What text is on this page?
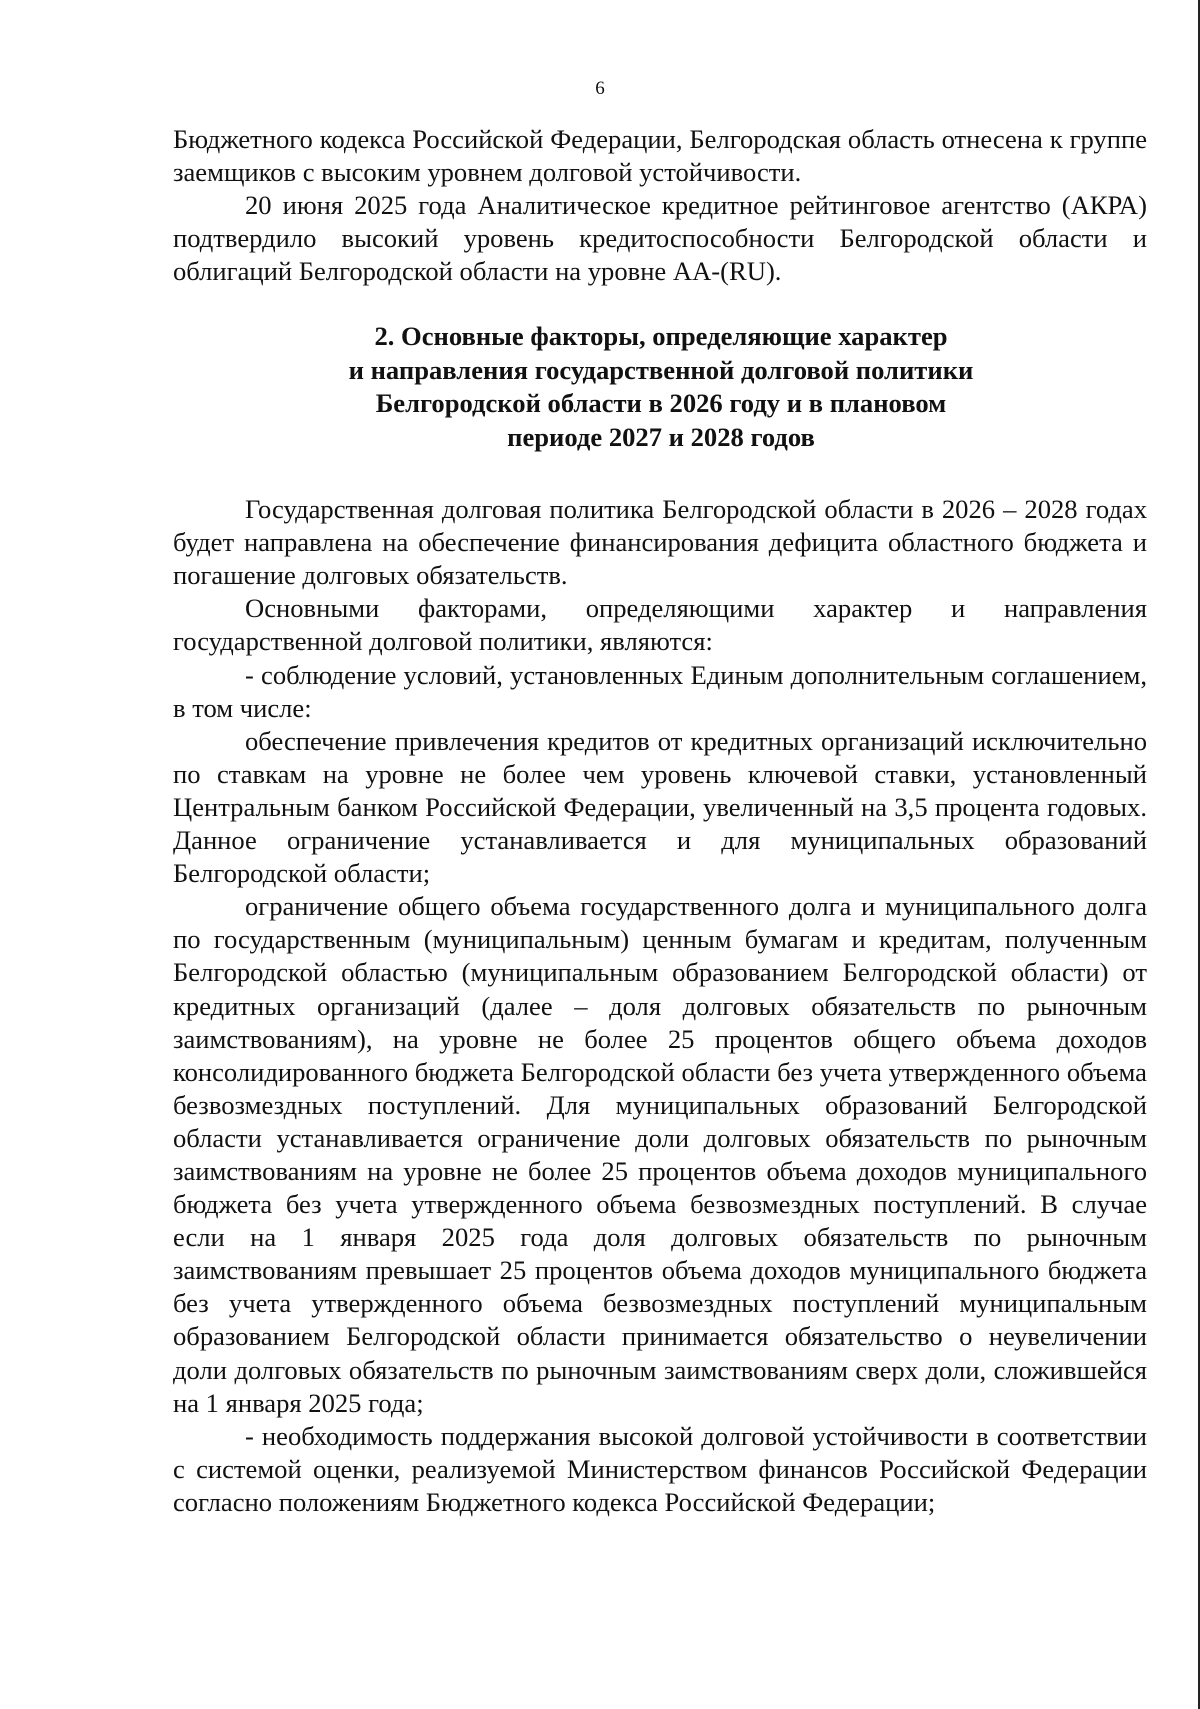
6

Бюджетного кодекса Российской Федерации, Белгородская область отнесена к группе заемщиков с высоким уровнем долговой устойчивости.

20 июня 2025 года Аналитическое кредитное рейтинговое агентство (АКРА) подтвердило высокий уровень кредитоспособности Белгородской области и облигаций Белгородской области на уровне АА-(RU).

2. Основные факторы, определяющие характер
и направления государственной долговой политики
Белгородской области в 2026 году и в плановом
периоде 2027 и 2028 годов

Государственная долговая политика Белгородской области в 2026 – 2028 годах будет направлена на обеспечение финансирования дефицита областного бюджета и погашение долговых обязательств.

Основными факторами, определяющими характер и направления государственной долговой политики, являются:

- соблюдение условий, установленных Единым дополнительным соглашением, в том числе:

обеспечение привлечения кредитов от кредитных организаций исключительно по ставкам на уровне не более чем уровень ключевой ставки, установленный Центральным банком Российской Федерации, увеличенный на 3,5 процента годовых. Данное ограничение устанавливается и для муниципальных образований Белгородской области;

ограничение общего объема государственного долга и муниципального долга по государственным (муниципальным) ценным бумагам и кредитам, полученным Белгородской областью (муниципальным образованием Белгородской области) от кредитных организаций (далее – доля долговых обязательств по рыночным заимствованиям), на уровне не более 25 процентов общего объема доходов консолидированного бюджета Белгородской области без учета утвержденного объема безвозмездных поступлений. Для муниципальных образований Белгородской области устанавливается ограничение доли долговых обязательств по рыночным заимствованиям на уровне не более 25 процентов объема доходов муниципального бюджета без учета утвержденного объема безвозмездных поступлений. В случае если на 1 января 2025 года доля долговых обязательств по рыночным заимствованиям превышает 25 процентов объема доходов муниципального бюджета без учета утвержденного объема безвозмездных поступлений муниципальным образованием Белгородской области принимается обязательство о неувеличении доли долговых обязательств по рыночным заимствованиям сверх доли, сложившейся на 1 января 2025 года;

- необходимость поддержания высокой долговой устойчивости в соответствии с системой оценки, реализуемой Министерством финансов Российской Федерации согласно положениям Бюджетного кодекса Российской Федерации;
